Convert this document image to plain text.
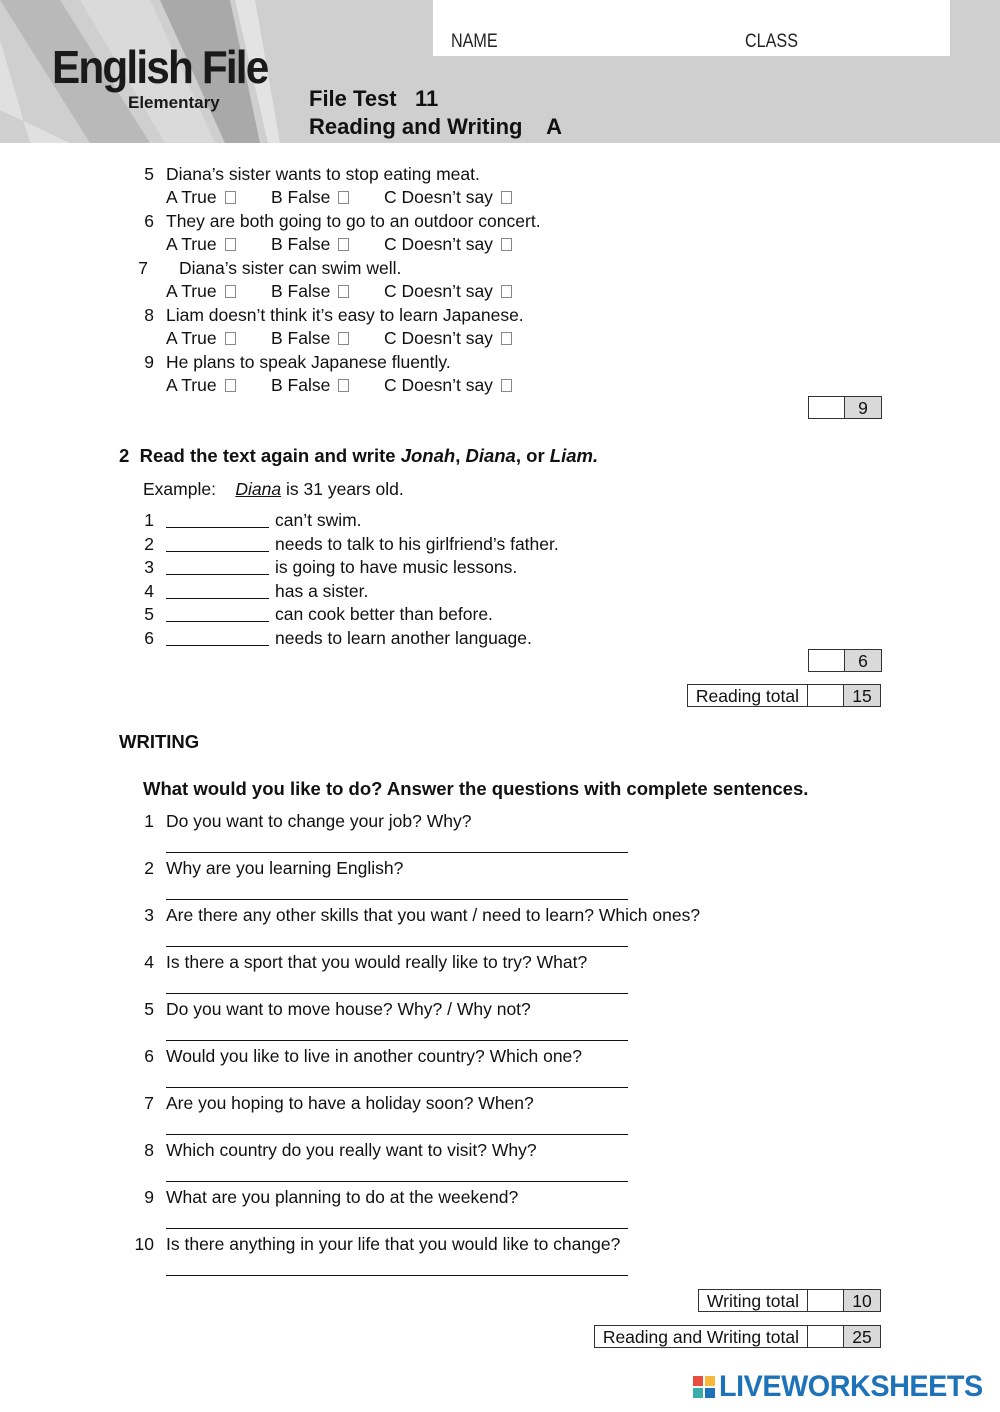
English File
Elementary
NAME	CLASS
File Test   11
Reading and Writing    A
5 Diana’s sister wants to stop eating meat.
A True	B False	C Doesn’t say
6 They are both going to go to an outdoor concert.
A True	B False	C Doesn’t say
7 Diana’s sister can swim well.
A True	B False	C Doesn’t say
8 Liam doesn’t think it’s easy to learn Japanese.
A True	B False	C Doesn’t say
9 He plans to speak Japanese fluently.
A True	B False	C Doesn’t say
9
2 Read the text again and write Jonah, Diana, or Liam.
Example: Diana is 31 years old.
1	can’t swim.
2	needs to talk to his girlfriend’s father.
3	is going to have music lessons.
4	has a sister.
5	can cook better than before.
6	needs to learn another language.
6
Reading total	15
WRITING
What would you like to do? Answer the questions with complete sentences.
1 Do you want to change your job? Why?
2 Why are you learning English?
3 Are there any other skills that you want / need to learn? Which ones?
4 Is there a sport that you would really like to try? What?
5 Do you want to move house? Why? / Why not?
6 Would you like to live in another country? Which one?
7 Are you hoping to have a holiday soon? When?
8 Which country do you really want to visit? Why?
9 What are you planning to do at the weekend?
10 Is there anything in your life that you would like to change?
Writing total	10
Reading and Writing total	25
LIVEWORKSHEETS
